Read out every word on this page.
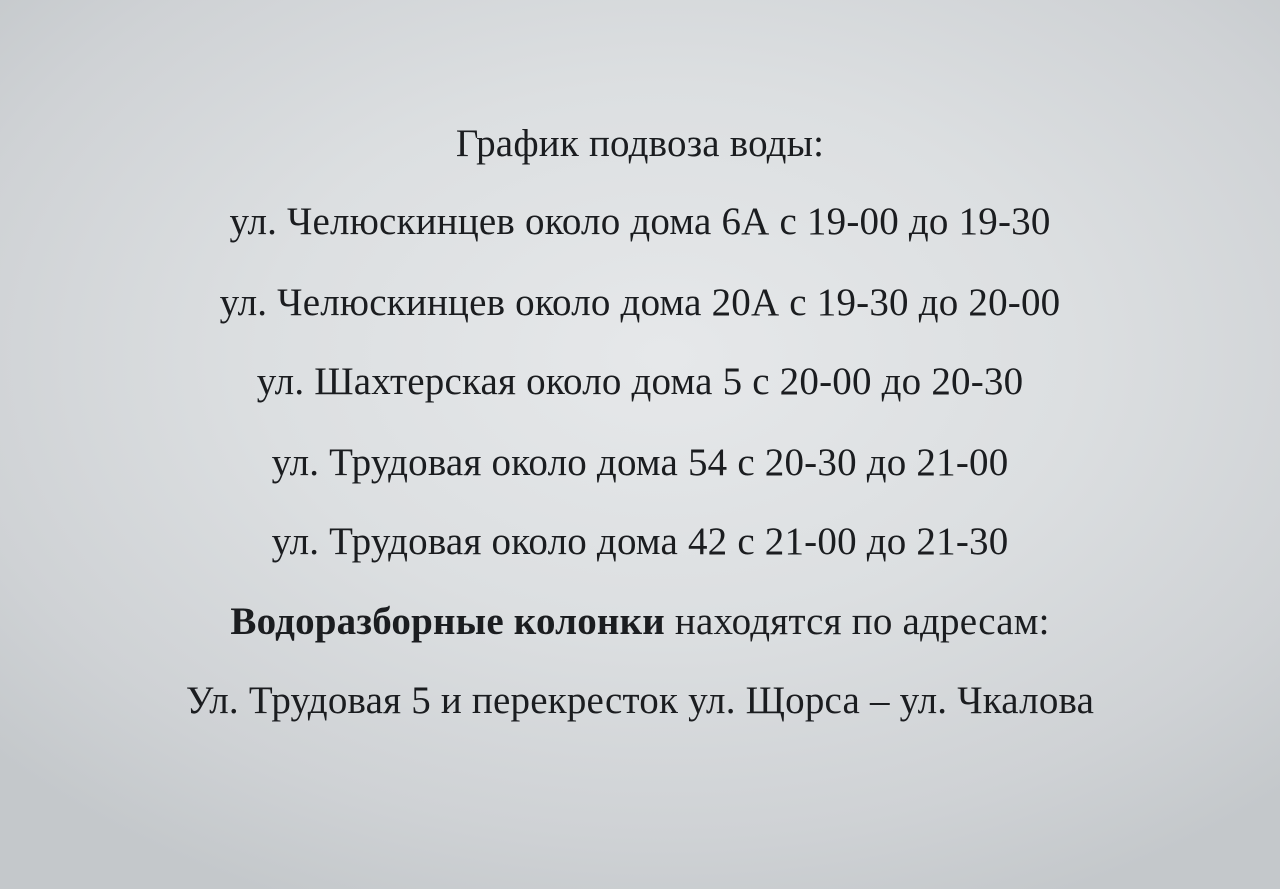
График подвоза воды:
ул. Челюскинцев около дома 6А с 19-00 до 19-30
ул. Челюскинцев около дома 20А с 19-30 до 20-00
ул. Шахтерская около дома 5 с 20-00 до 20-30
ул. Трудовая около дома 54 с 20-30 до 21-00
ул. Трудовая около дома 42 с 21-00 до 21-30
Водоразборные колонки находятся по адресам:
Ул. Трудовая 5 и перекресток ул. Щорса – ул. Чкалова
